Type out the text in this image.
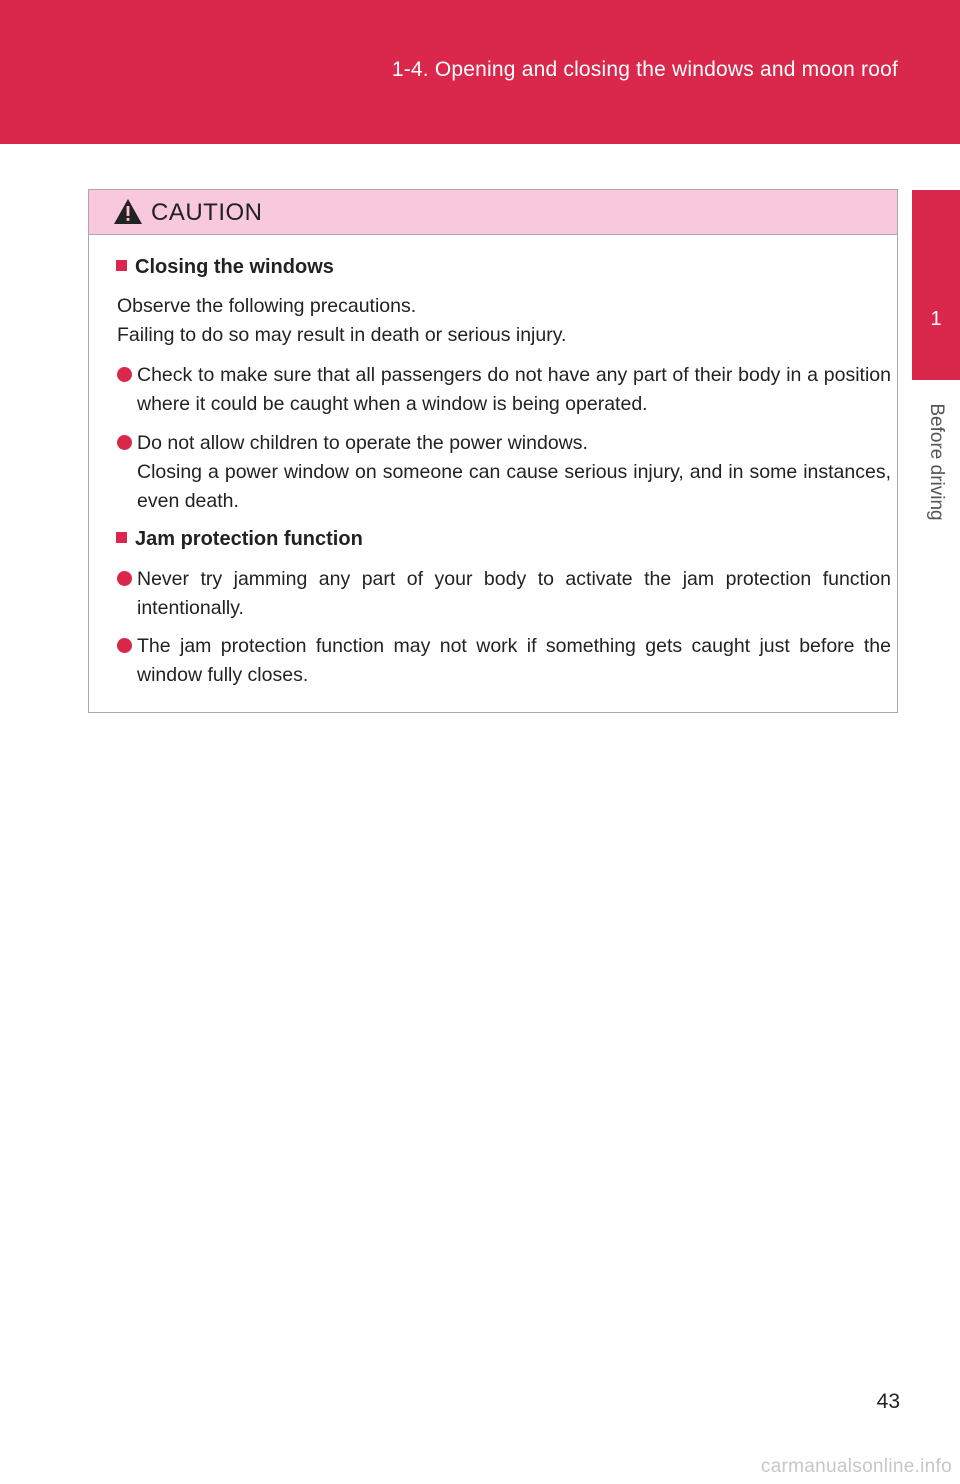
1-4. Opening and closing the windows and moon roof
1
Before driving
CAUTION
Closing the windows
Observe the following precautions.
Failing to do so may result in death or serious injury.
Check to make sure that all passengers do not have any part of their body in a position where it could be caught when a window is being operated.
Do not allow children to operate the power windows.
Closing a power window on someone can cause serious injury, and in some instances, even death.
Jam protection function
Never try jamming any part of your body to activate the jam protection function intentionally.
The jam protection function may not work if something gets caught just before the window fully closes.
43
carmanualsonline.info
